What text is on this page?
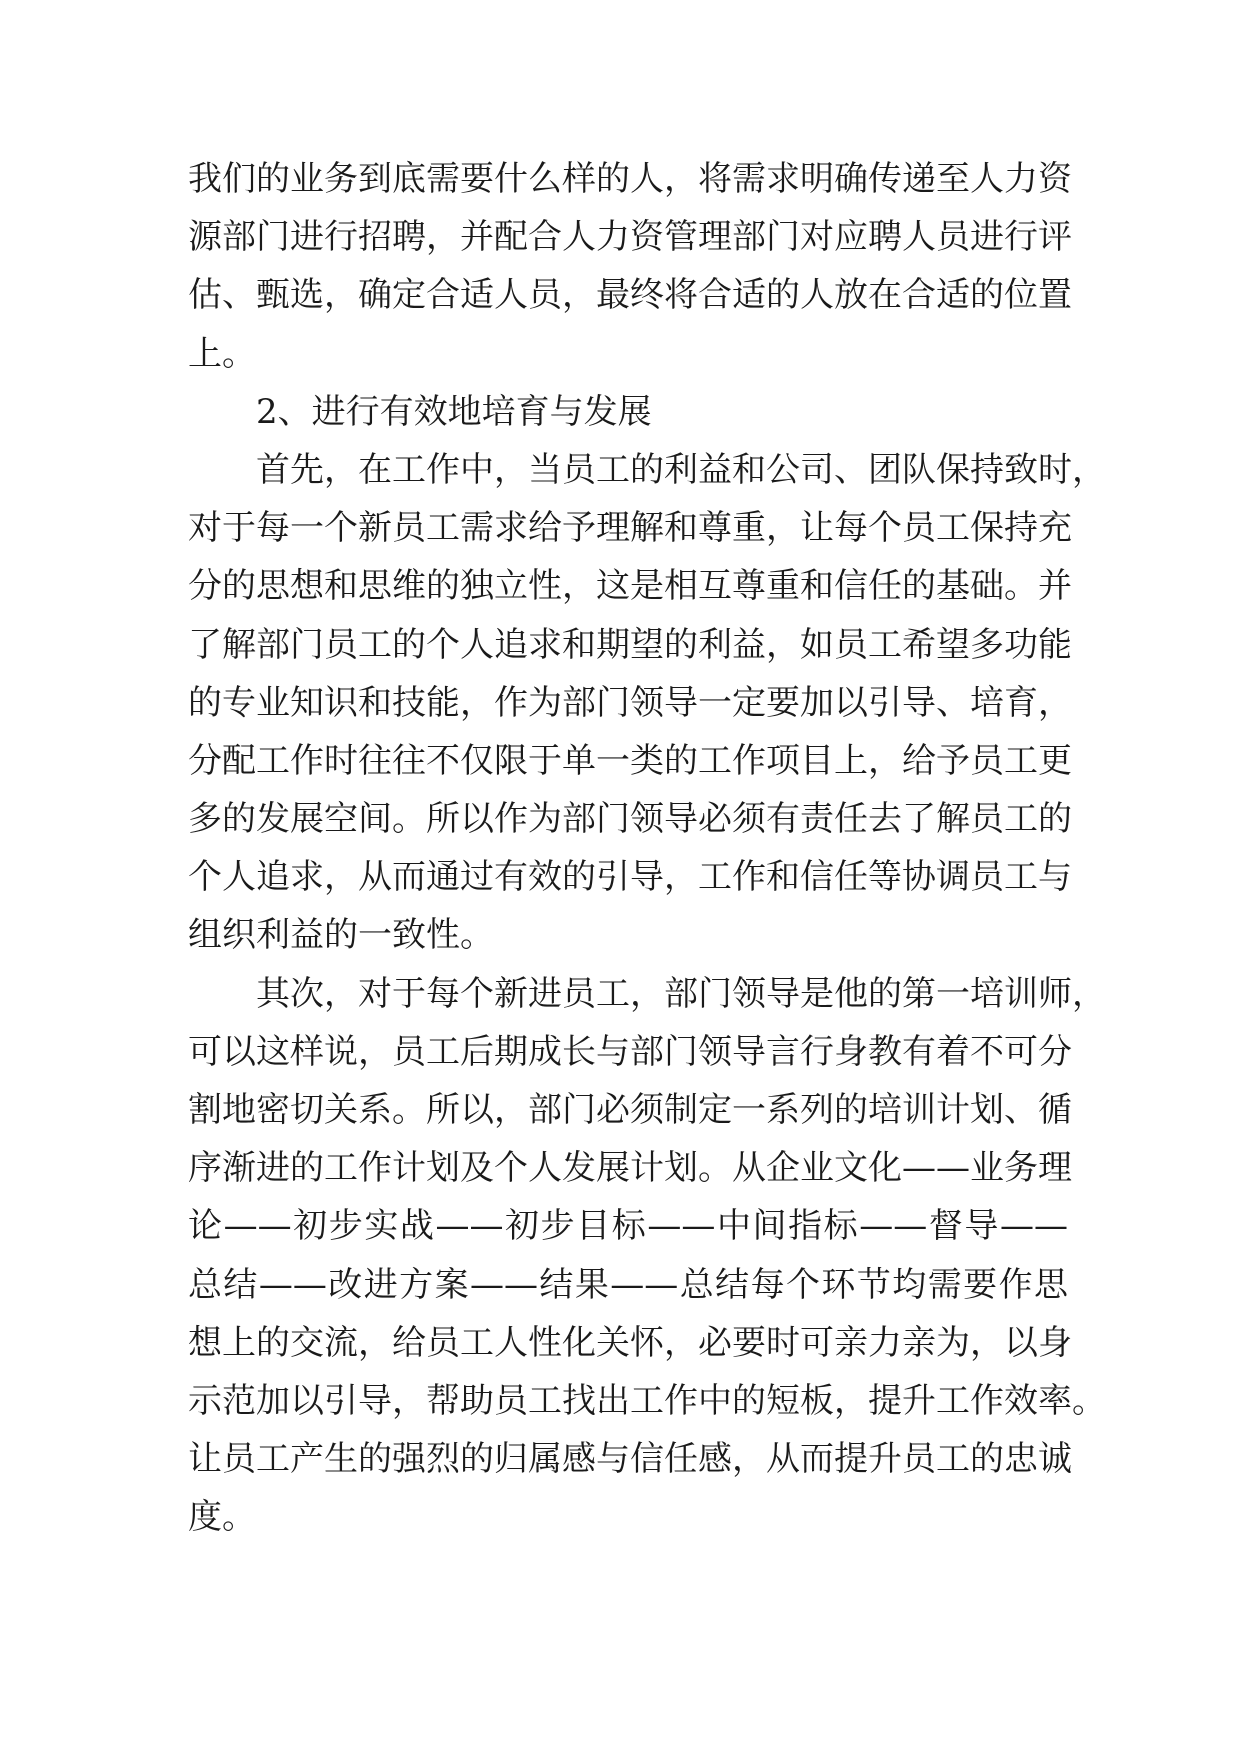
我们的业务到底需要什么样的人，将需求明确传递至人力资
源部门进行招聘，并配合人力资管理部门对应聘人员进行评
估、甄选，确定合适人员，最终将合适的人放在合适的位置
上。
2、进行有效地培育与发展
首先，在工作中，当员工的利益和公司、团队保持致时，
对于每一个新员工需求给予理解和尊重，让每个员工保持充
分的思想和思维的独立性，这是相互尊重和信任的基础。并
了解部门员工的个人追求和期望的利益，如员工希望多功能
的专业知识和技能，作为部门领导一定要加以引导、培育，
分配工作时往往不仅限于单一类的工作项目上，给予员工更
多的发展空间。所以作为部门领导必须有责任去了解员工的
个人追求，从而通过有效的引导，工作和信任等协调员工与
组织利益的一致性。
其次，对于每个新进员工，部门领导是他的第一培训师，
可以这样说，员工后期成长与部门领导言行身教有着不可分
割地密切关系。所以，部门必须制定一系列的培训计划、循
序渐进的工作计划及个人发展计划。从企业文化——业务理
论——初步实战——初步目标——中间指标——督导——
总结——改进方案——结果——总结每个环节均需要作思
想上的交流，给员工人性化关怀，必要时可亲力亲为，以身
示范加以引导，帮助员工找出工作中的短板，提升工作效率。
让员工产生的强烈的归属感与信任感，从而提升员工的忠诚
度。
